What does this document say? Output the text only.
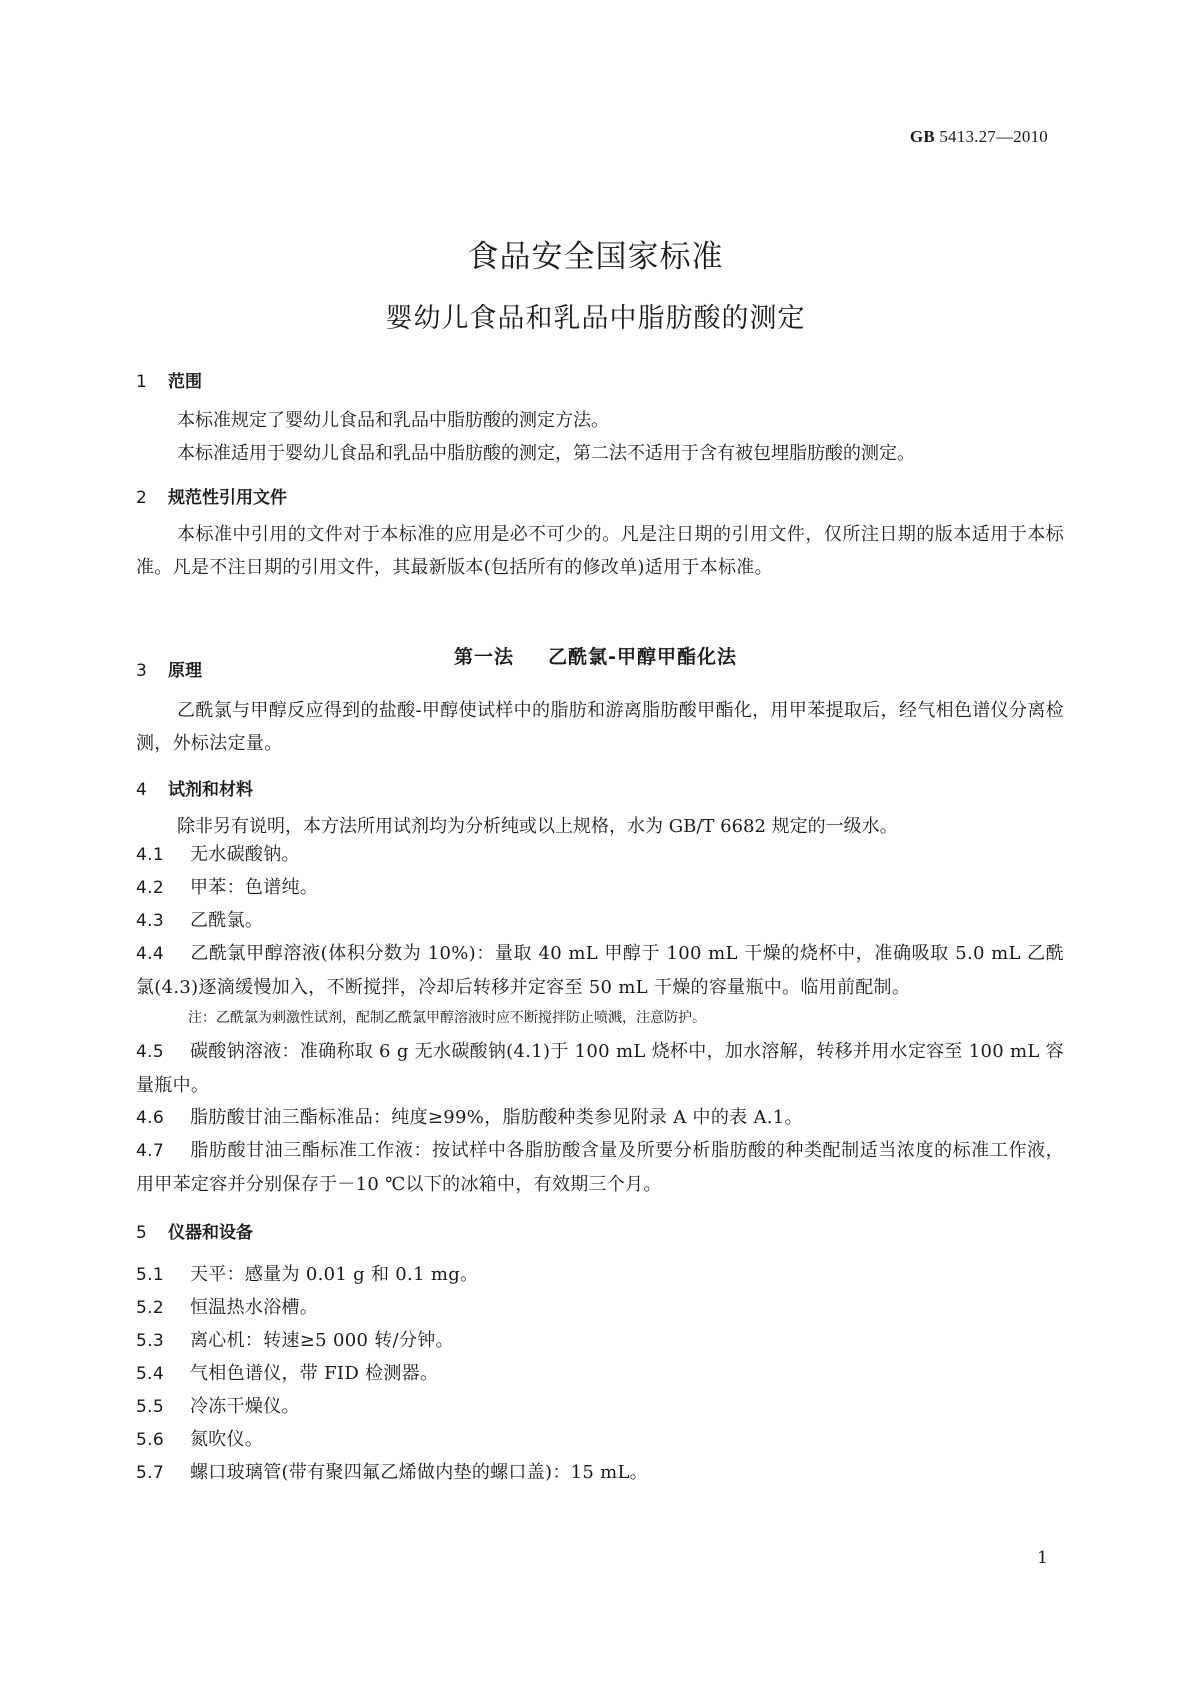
GB 5413.27—2010
食品安全国家标准
婴幼儿食品和乳品中脂肪酸的测定
1 范围
本标准规定了婴幼儿食品和乳品中脂肪酸的测定方法。
本标准适用于婴幼儿食品和乳品中脂肪酸的测定，第二法不适用于含有被包埋脂肪酸的测定。
2 规范性引用文件
本标准中引用的文件对于本标准的应用是必不可少的。凡是注日期的引用文件，仅所注日期的版本适用于本标准。凡是不注日期的引用文件，其最新版本(包括所有的修改单)适用于本标准。
第一法 乙酰氯-甲醇甲酯化法
3 原理
乙酰氯与甲醇反应得到的盐酸-甲醇使试样中的脂肪和游离脂肪酸甲酯化，用甲苯提取后，经气相色谱仪分离检测，外标法定量。
4 试剂和材料
除非另有说明，本方法所用试剂均为分析纯或以上规格，水为 GB/T 6682 规定的一级水。
4.1 无水碳酸钠。
4.2 甲苯：色谱纯。
4.3 乙酰氯。
4.4 乙酰氯甲醇溶液(体积分数为 10%)：量取 40 mL 甲醇于 100 mL 干燥的烧杯中，准确吸取 5.0 mL 乙酰氯(4.3)逐滴缓慢加入，不断搅拌，冷却后转移并定容至 50 mL 干燥的容量瓶中。临用前配制。
注：乙酰氯为刺激性试剂，配制乙酰氯甲醇溶液时应不断搅拌防止喷溅，注意防护。
4.5 碳酸钠溶液：准确称取 6 g 无水碳酸钠(4.1)于 100 mL 烧杯中，加水溶解，转移并用水定容至 100 mL 容量瓶中。
4.6 脂肪酸甘油三酯标准品：纯度≥99%，脂肪酸种类参见附录 A 中的表 A.1。
4.7 脂肪酸甘油三酯标准工作液：按试样中各脂肪酸含量及所要分析脂肪酸的种类配制适当浓度的标准工作液，用甲苯定容并分别保存于－10 ℃以下的冰箱中，有效期三个月。
5 仪器和设备
5.1 天平：感量为 0.01 g 和 0.1 mg。
5.2 恒温热水浴槽。
5.3 离心机：转速≥5 000 转/分钟。
5.4 气相色谱仪，带 FID 检测器。
5.5 冷冻干燥仪。
5.6 氮吹仪。
5.7 螺口玻璃管(带有聚四氟乙烯做内垫的螺口盖)：15 mL。
1
